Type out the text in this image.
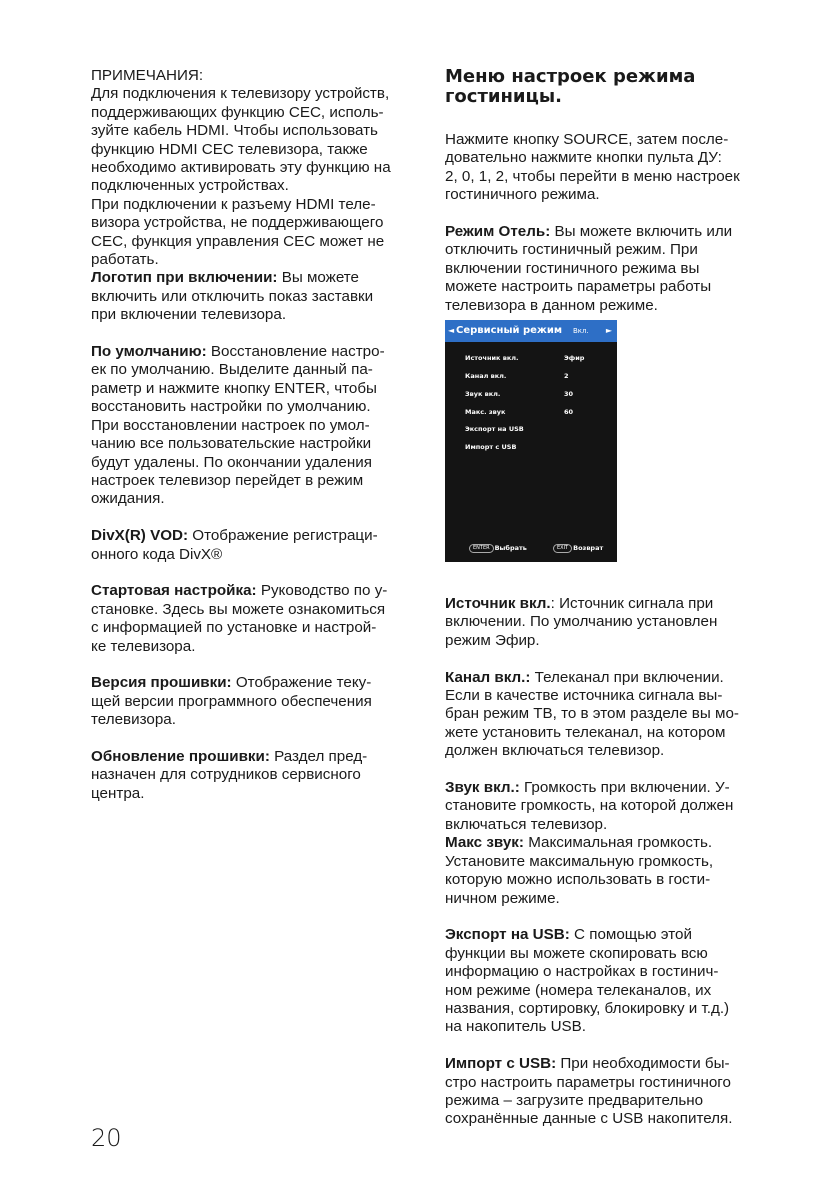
ПРИМЕЧАНИЯ:

Для подключения к телевизору устройств,
поддерживающих функцию CEC, исполь-
зуйте кабель HDMI. Чтобы использовать
функцию HDMI CEC телевизора, также
необходимо активировать эту функцию на
подключенных устройствах.

При подключении к разъему HDMI теле-
визора устройства, не поддерживающего
CEC, функция управления CEC может не
работать.

Логотип при включении: Вы можете
включить или отключить показ заставки
при включении телевизора.

По умолчанию: Восстановление настро-
ек по умолчанию. Выделите данный па-
раметр и нажмите кнопку ENTER, чтобы
восстановить настройки по умолчанию.
При восстановлении настроек по умол-
чанию все пользовательские настройки
будут удалены. По окончании удаления
настроек телевизор перейдет в режим
ожидания.

DivX(R) VOD: Отображение регистраци-
онного кода DivX®

Стартовая настройка: Руководство по у-
становке. Здесь вы можете ознакомиться
с информацией по установке и настрой-
ке телевизора.

Версия прошивки: Отображение теку-
щей версии программного обеспечения
телевизора.

Обновление прошивки: Раздел пред-
назначен для сотрудников сервисного
центра.

Меню настроек режима
гостиницы.

Нажмите кнопку SOURCE, затем после-
довательно нажмите кнопки пульта ДУ:
2, 0, 1, 2, чтобы перейти в меню настроек
гостиничного режима.

Режим Отель: Вы можете включить или
отключить гостиничный режим. При
включении гостиничного режима вы
можете настроить параметры работы
телевизора в данном режиме.

Источник вкл.: Источник сигнала при
включении. По умолчанию установлен
режим Эфир.

Канал вкл.: Телеканал при включении.
Если в качестве источника сигнала вы-
бран режим ТВ, то в этом разделе вы мо-
жете установить телеканал, на котором
должен включаться телевизор.

Звук вкл.: Громкость при включении. У-
становите громкость, на которой должен
включаться телевизор.

Макс звук: Максимальная громкость.
Установите максимальную громкость,
которую можно использовать в гости-
ничном режиме.

Экспорт на USB: С помощью этой
функции вы можете скопировать всю
информацию о настройках в гостинич-
ном режиме (номера телеканалов, их
названия, сортировку, блокировку и т.д.)
на накопитель USB.

Импорт с USB: При необходимости бы-
стро настроить параметры гостиничного
режима – загрузите предварительно
сохранённые данные с USB накопителя.

◄ Сервисный режим Вкл. ►
Источник вкл.	Эфир
Канал вкл.	2
Звук вкл.	30
Макс. звук	60
Экспорт на USB
Импорт с USB
ENTER Выбрать	EXIT Возврат
20
